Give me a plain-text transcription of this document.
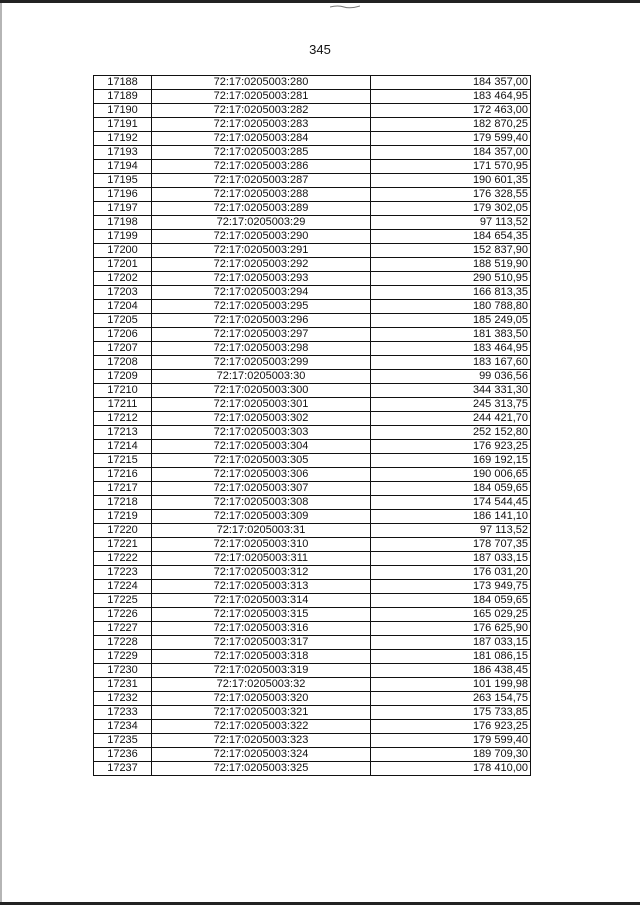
345
17188	72:17:0205003:280	184 357,00
17189	72:17:0205003:281	183 464,95
17190	72:17:0205003:282	172 463,00
17191	72:17:0205003:283	182 870,25
17192	72:17:0205003:284	179 599,40
17193	72:17:0205003:285	184 357,00
17194	72:17:0205003:286	171 570,95
17195	72:17:0205003:287	190 601,35
17196	72:17:0205003:288	176 328,55
17197	72:17:0205003:289	179 302,05
17198	72:17:0205003:29	97 113,52
17199	72:17:0205003:290	184 654,35
17200	72:17:0205003:291	152 837,90
17201	72:17:0205003:292	188 519,90
17202	72:17:0205003:293	290 510,95
17203	72:17:0205003:294	166 813,35
17204	72:17:0205003:295	180 788,80
17205	72:17:0205003:296	185 249,05
17206	72:17:0205003:297	181 383,50
17207	72:17:0205003:298	183 464,95
17208	72:17:0205003:299	183 167,60
17209	72:17:0205003:30	99 036,56
17210	72:17:0205003:300	344 331,30
17211	72:17:0205003:301	245 313,75
17212	72:17:0205003:302	244 421,70
17213	72:17:0205003:303	252 152,80
17214	72:17:0205003:304	176 923,25
17215	72:17:0205003:305	169 192,15
17216	72:17:0205003:306	190 006,65
17217	72:17:0205003:307	184 059,65
17218	72:17:0205003:308	174 544,45
17219	72:17:0205003:309	186 141,10
17220	72:17:0205003:31	97 113,52
17221	72:17:0205003:310	178 707,35
17222	72:17:0205003:311	187 033,15
17223	72:17:0205003:312	176 031,20
17224	72:17:0205003:313	173 949,75
17225	72:17:0205003:314	184 059,65
17226	72:17:0205003:315	165 029,25
17227	72:17:0205003:316	176 625,90
17228	72:17:0205003:317	187 033,15
17229	72:17:0205003:318	181 086,15
17230	72:17:0205003:319	186 438,45
17231	72:17:0205003:32	101 199,98
17232	72:17:0205003:320	263 154,75
17233	72:17:0205003:321	175 733,85
17234	72:17:0205003:322	176 923,25
17235	72:17:0205003:323	179 599,40
17236	72:17:0205003:324	189 709,30
17237	72:17:0205003:325	178 410,00
